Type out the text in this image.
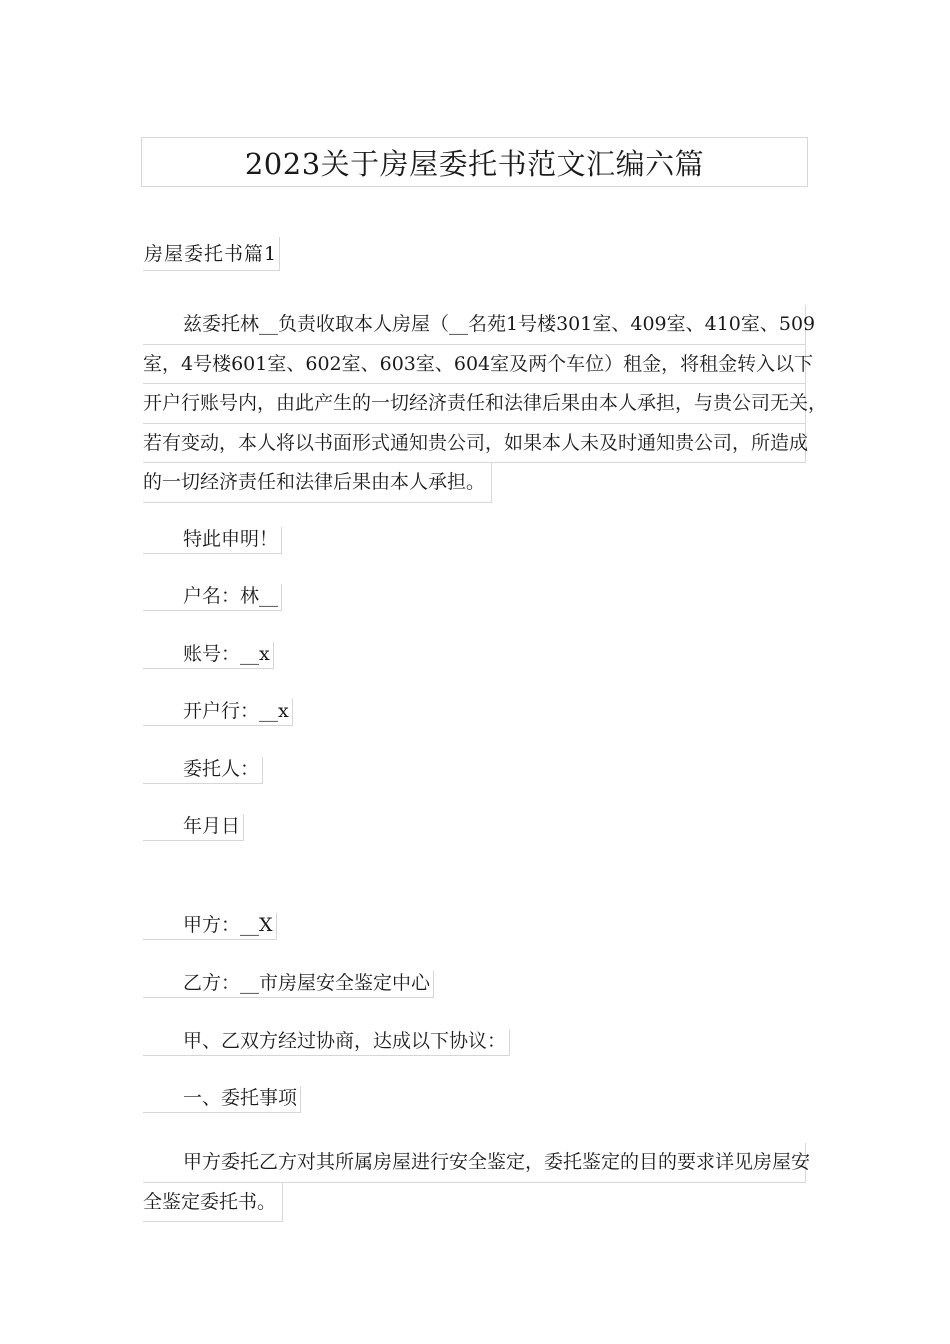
2023关于房屋委托书范文汇编六篇
房屋委托书篇1
兹委托林__负责收取本人房屋（__名苑1号楼301室、409室、410室、509
室，4号楼601室、602室、603室、604室及两个车位）租金，将租金转入以下
开户行账号内，由此产生的一切经济责任和法律后果由本人承担，与贵公司无关，
若有变动，本人将以书面形式通知贵公司，如果本人未及时通知贵公司，所造成
的一切经济责任和法律后果由本人承担。
特此申明！
户名：林__
账号：__x
开户行：__x
委托人：
年月日
甲方：__X
乙方：__市房屋安全鉴定中心
甲、乙双方经过协商，达成以下协议：
一、委托事项
甲方委托乙方对其所属房屋进行安全鉴定，委托鉴定的目的要求详见房屋安
全鉴定委托书。
